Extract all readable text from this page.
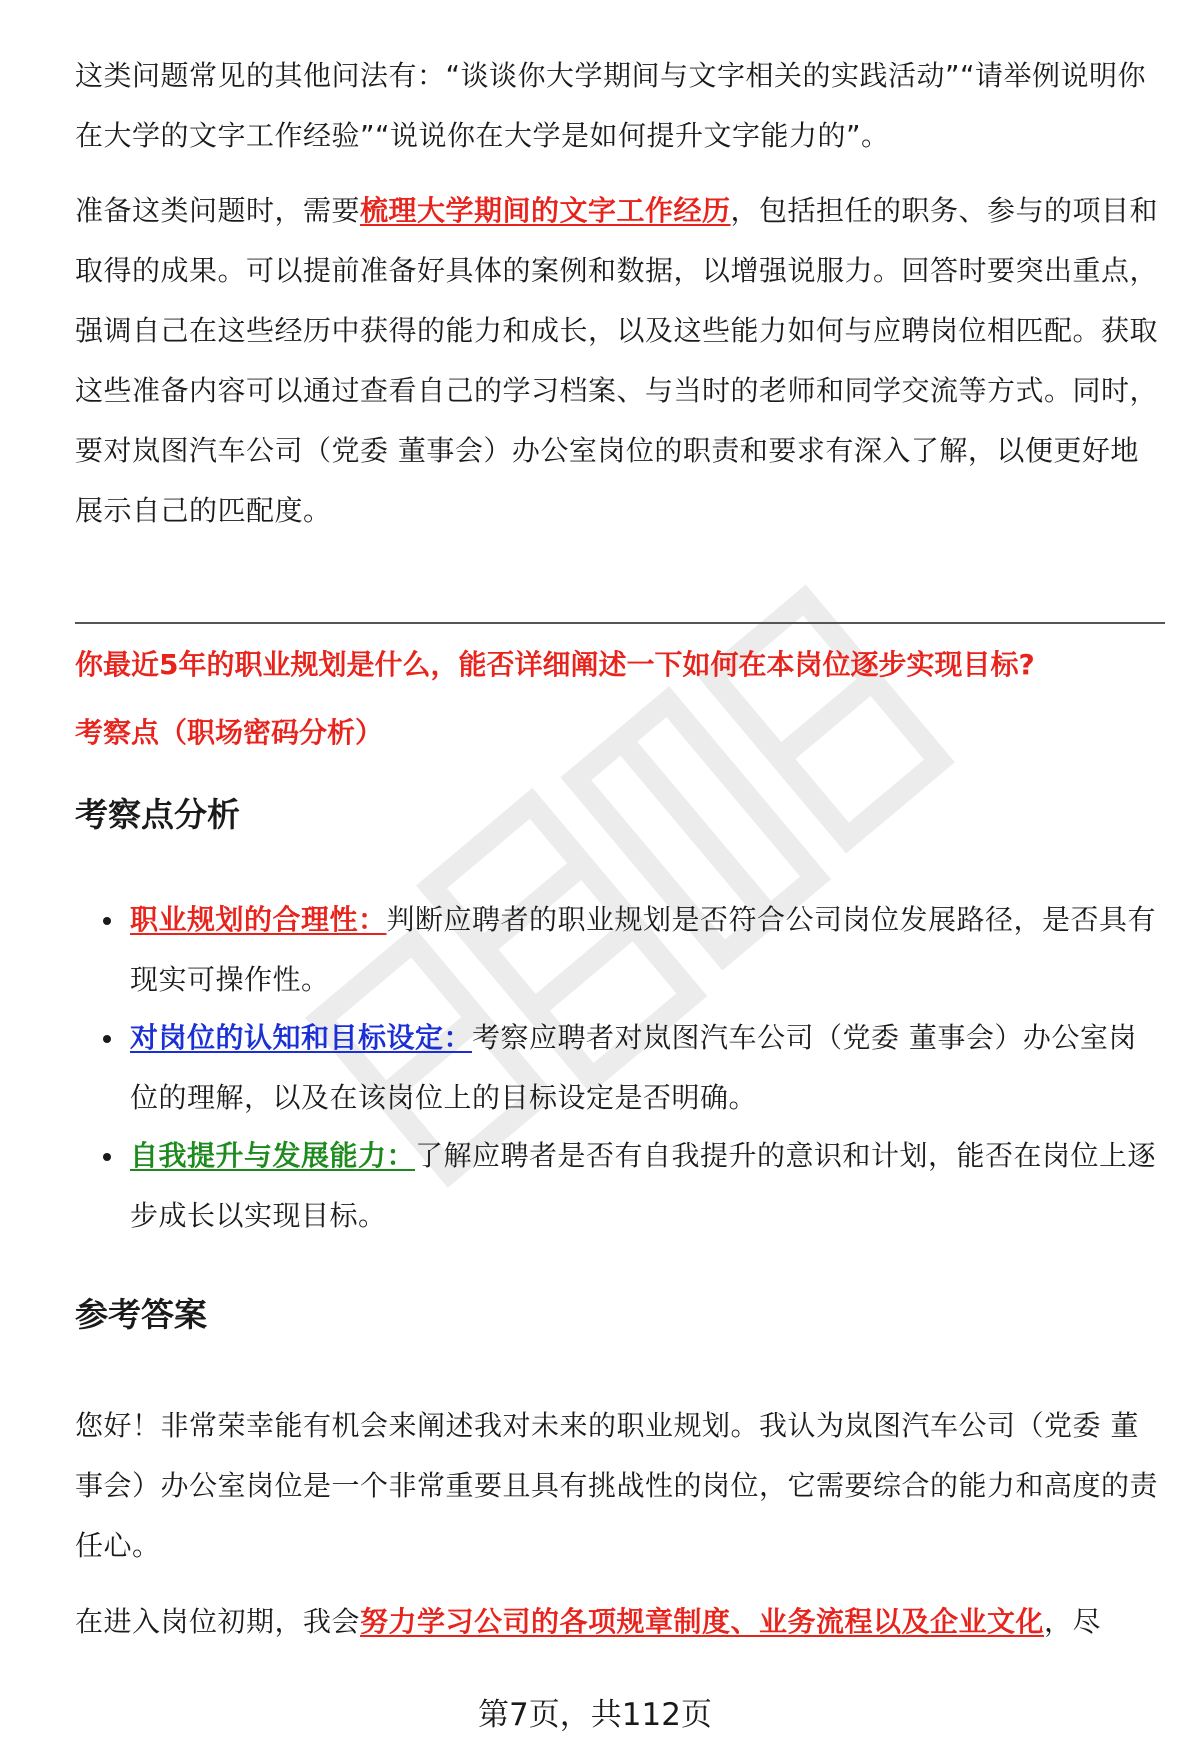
这类问题常见的其他问法有：“谈谈你大学期间与文字相关的实践活动”“请举例说明你在大学的文字工作经验”“说说你在大学是如何提升文字能力的”。

准备这类问题时，需要梳理大学期间的文字工作经历，包括担任的职务、参与的项目和取得的成果。可以提前准备好具体的案例和数据，以增强说服力。回答时要突出重点，强调自己在这些经历中获得的能力和成长，以及这些能力如何与应聘岗位相匹配。获取这些准备内容可以通过查看自己的学习档案、与当时的老师和同学交流等方式。同时，要对岚图汽车公司（党委 董事会）办公室岗位的职责和要求有深入了解，以便更好地展示自己的匹配度。

你最近5年的职业规划是什么，能否详细阐述一下如何在本岗位逐步实现目标?

考察点（职场密码分析）

考察点分析
职业规划的合理性：判断应聘者的职业规划是否符合公司岗位发展路径，是否具有现实可操作性。
对岗位的认知和目标设定：考察应聘者对岚图汽车公司（党委 董事会）办公室岗位的理解，以及在该岗位上的目标设定是否明确。
自我提升与发展能力：了解应聘者是否有自我提升的意识和计划，能否在岗位上逐步成长以实现目标。
参考答案

您好！非常荣幸能有机会来阐述我对未来的职业规划。我认为岚图汽车公司（党委 董事会）办公室岗位是一个非常重要且具有挑战性的岗位，它需要综合的能力和高度的责任心。

在进入岗位初期，我会努力学习公司的各项规章制度、业务流程以及企业文化，尽

第7页，共112页
